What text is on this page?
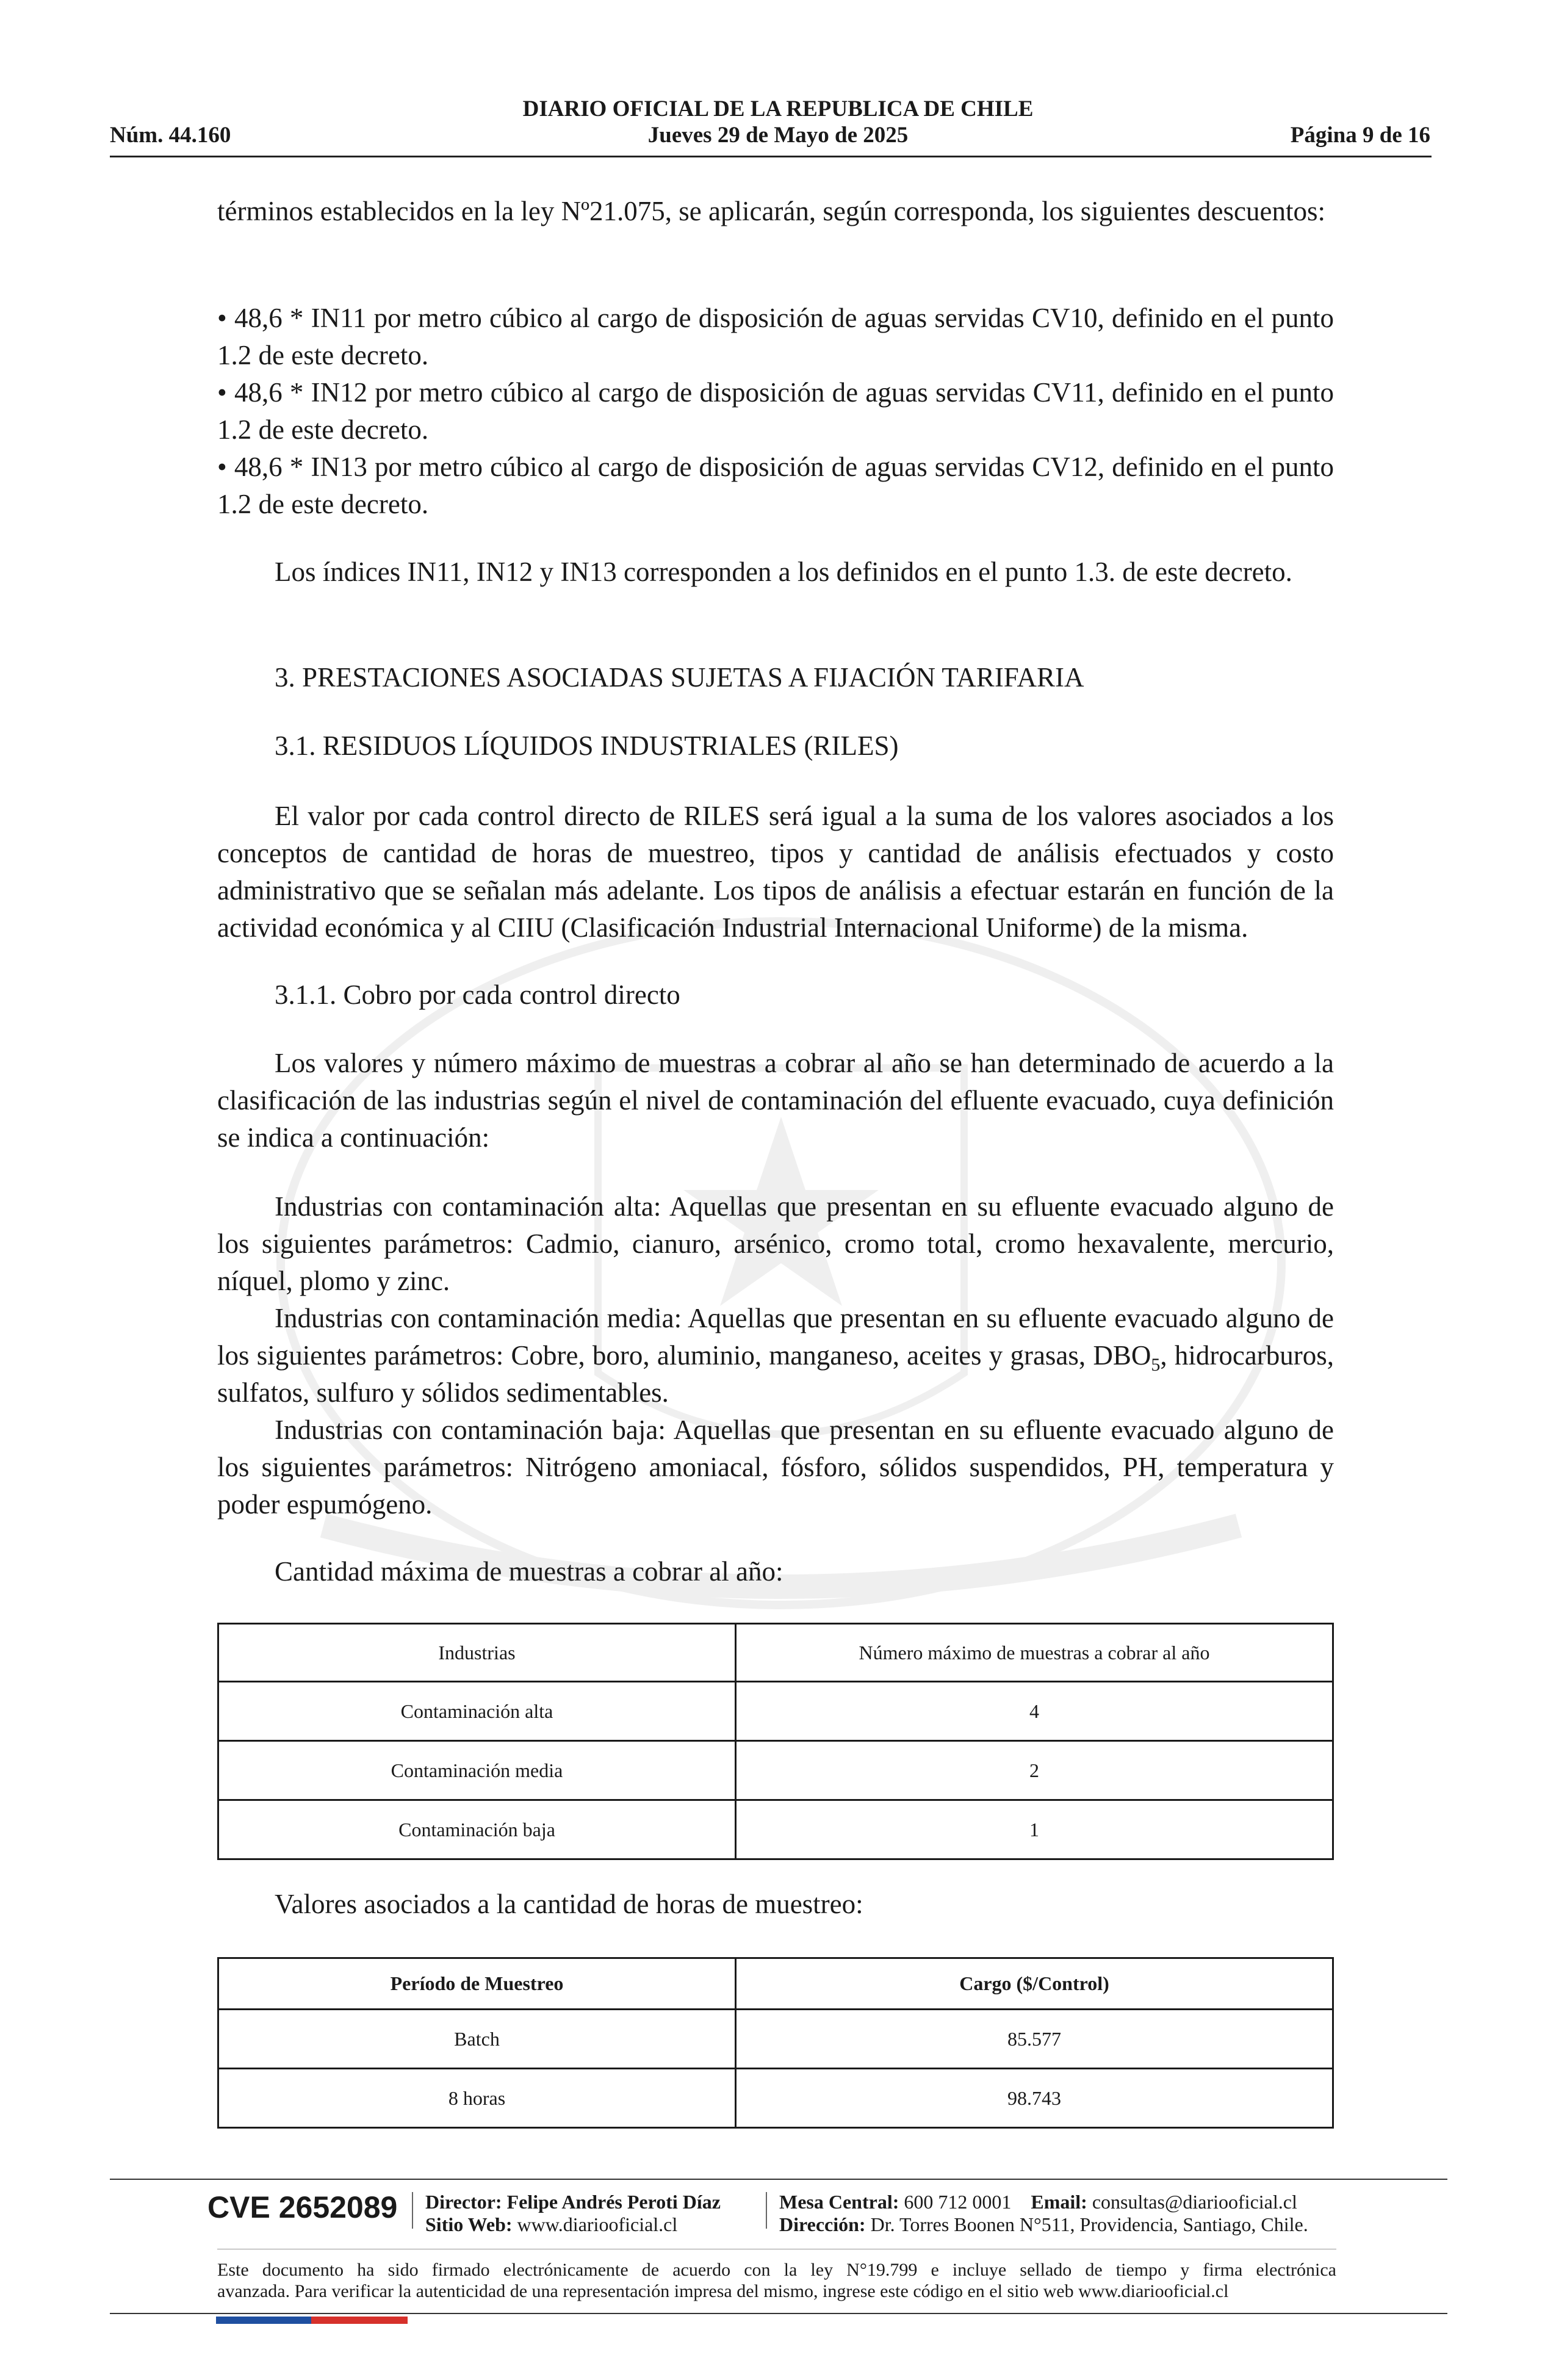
DIARIO OFICIAL DE LA REPUBLICA DE CHILE
Núm. 44.160	Jueves 29 de Mayo de 2025	Página 9 de 16
términos establecidos en la ley Nº21.075, se aplicarán, según corresponda, los siguientes descuentos:
• 48,6 * IN11 por metro cúbico al cargo de disposición de aguas servidas CV10, definido en el punto 1.2 de este decreto.
• 48,6 * IN12 por metro cúbico al cargo de disposición de aguas servidas CV11, definido en el punto 1.2 de este decreto.
• 48,6 * IN13 por metro cúbico al cargo de disposición de aguas servidas CV12, definido en el punto 1.2 de este decreto.
Los índices IN11, IN12 y IN13 corresponden a los definidos en el punto 1.3. de este decreto.
3. PRESTACIONES ASOCIADAS SUJETAS A FIJACIÓN TARIFARIA
3.1. RESIDUOS LÍQUIDOS INDUSTRIALES (RILES)
El valor por cada control directo de RILES será igual a la suma de los valores asociados a los conceptos de cantidad de horas de muestreo, tipos y cantidad de análisis efectuados y costo administrativo que se señalan más adelante. Los tipos de análisis a efectuar estarán en función de la actividad económica y al CIIU (Clasificación Industrial Internacional Uniforme) de la misma.
3.1.1. Cobro por cada control directo
Los valores y número máximo de muestras a cobrar al año se han determinado de acuerdo a la clasificación de las industrias según el nivel de contaminación del efluente evacuado, cuya definición se indica a continuación:
Industrias con contaminación alta: Aquellas que presentan en su efluente evacuado alguno de los siguientes parámetros: Cadmio, cianuro, arsénico, cromo total, cromo hexavalente, mercurio, níquel, plomo y zinc.
Industrias con contaminación media: Aquellas que presentan en su efluente evacuado alguno de los siguientes parámetros: Cobre, boro, aluminio, manganeso, aceites y grasas, $DBO_5$, hidrocarburos, sulfatos, sulfuro y sólidos sedimentables.
Industrias con contaminación baja: Aquellas que presentan en su efluente evacuado alguno de los siguientes parámetros: Nitrógeno amoniacal, fósforo, sólidos suspendidos, PH, temperatura y poder espumógeno.
Cantidad máxima de muestras a cobrar al año:
Industrias	Número máximo de muestras a cobrar al año
Contaminación alta	4
Contaminación media	2
Contaminación baja	1
Valores asociados a la cantidad de horas de muestreo:
Período de Muestreo	Cargo ($/Control)
Batch	85.577
8 horas	98.743
CVE 2652089 Director: Felipe Andrés Peroti Díaz
Sitio Web: www.diariooficial.cl
Mesa Central: 600 712 0001 Email: consultas@diariooficial.cl
Dirección: Dr. Torres Boonen N°511, Providencia, Santiago, Chile.
Este documento ha sido firmado electrónicamente de acuerdo con la ley N°19.799 e incluye sellado de tiempo y firma electrónica
avanzada. Para verificar la autenticidad de una representación impresa del mismo, ingrese este código en el sitio web www.diariooficial.cl
